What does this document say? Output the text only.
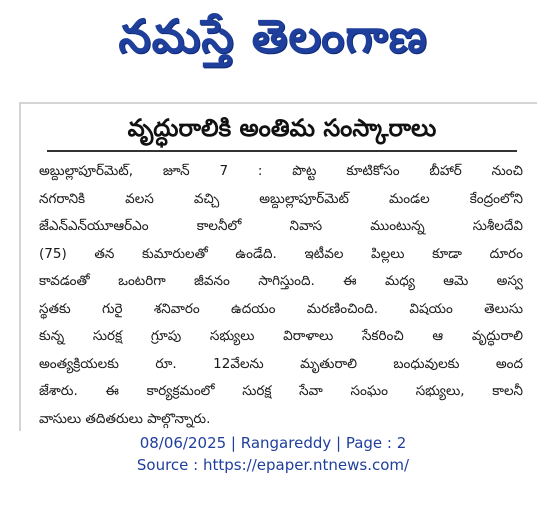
నమస్తే తెలంగాణ
వృద్ధురాలికి అంతిమ సంస్కారాలు
అబ్దుల్లాపూర్‌మెట్, జూన్ 7 : పొట్ట కూటికోసం బీహార్ నుంచి
నగరానికి వలస వచ్చి అబ్దుల్లాపూర్‌మెట్ మండల కేంద్రంలోని
జేఎన్‌ఎన్‌యూఆర్ఎం కాలనీలో నివాస ముంటున్న సుశీలదేవి
(75) తన కుమారులతో ఉండేది. ఇటీవల పిల్లలు కూడా దూరం
కావడంతో ఒంటరిగా జీవనం సాగిస్తుంది. ఈ మధ్య ఆమె అస్వ
స్థతకు గురై శనివారం ఉదయం మరణించింది. విషయం తెలుసు
కున్న సురక్ష గ్రూపు సభ్యులు విరాళాలు సేకరించి ఆ వృద్ధురాలి
అంత్యక్రియలకు రూ. 12వేలను మృతురాలి బంధువులకు అంద
జేశారు. ఈ కార్యక్రమంలో సురక్ష సేవా సంఘం సభ్యులు, కాలనీ
వాసులు తదితరులు పాల్గొన్నారు.
08/06/2025 | Rangareddy | Page : 2
Source : https://epaper.ntnews.com/
